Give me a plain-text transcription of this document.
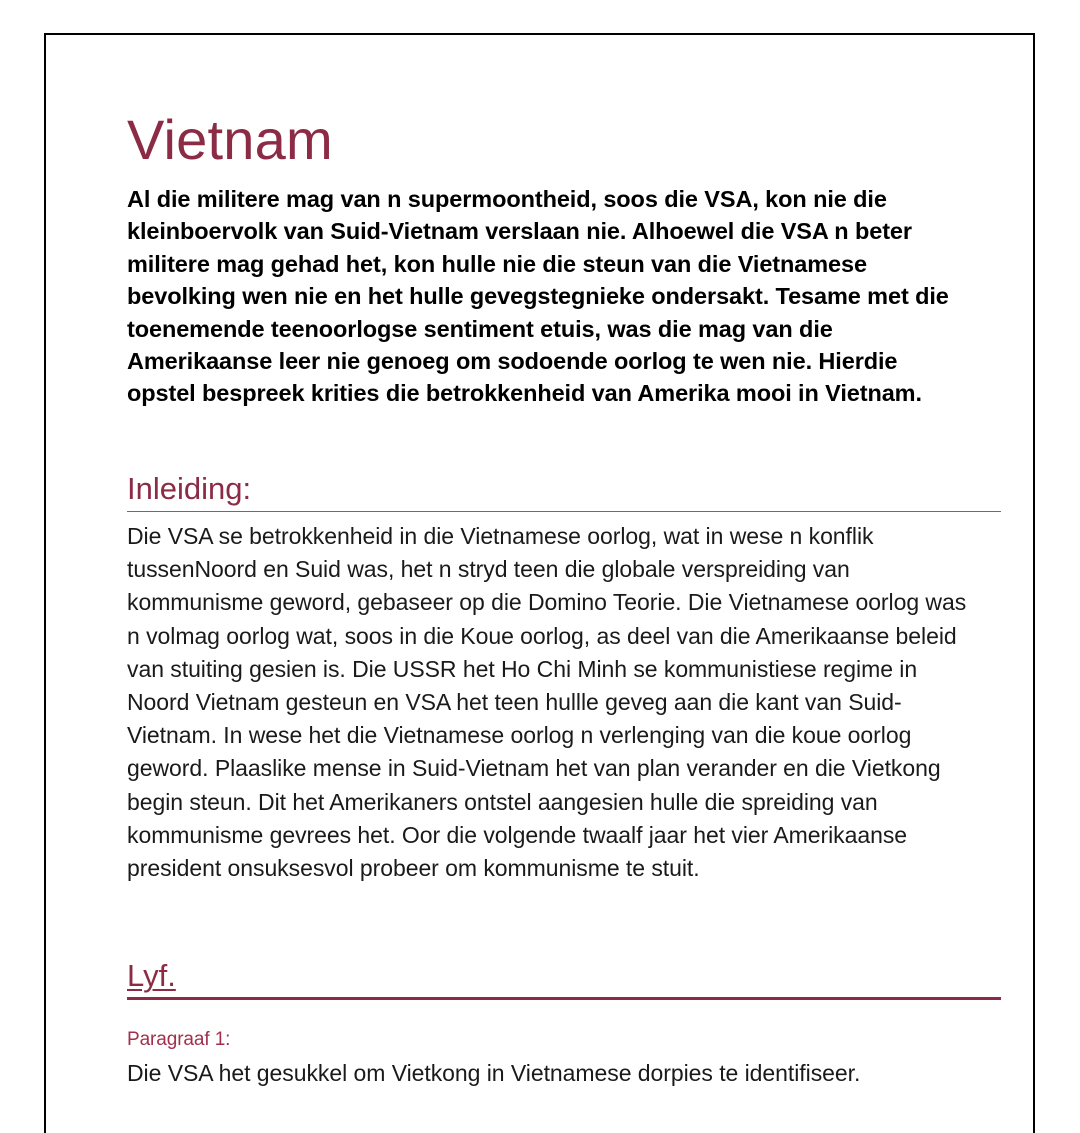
Vietnam

Al die militere mag van n supermoontheid, soos die VSA, kon nie die kleinboervolk van Suid-Vietnam verslaan nie. Alhoewel die VSA n beter militere mag gehad het, kon hulle nie die steun van die Vietnamese bevolking wen nie en het hulle gevegstegnieke ondersakt. Tesame met die toenemende teenoorlogse sentiment etuis, was die mag van die Amerikaanse leer nie genoeg om sodoende oorlog te wen nie. Hierdie opstel bespreek krities die betrokkenheid van Amerika mooi in Vietnam.

Inleiding:

Die VSA se betrokkenheid in die Vietnamese oorlog, wat in wese n konflik tussenNoord en Suid was, het n stryd teen die globale verspreiding van kommunisme geword, gebaseer op die Domino Teorie. Die Vietnamese oorlog was n volmag oorlog wat, soos in die Koue oorlog, as deel van die Amerikaanse beleid van stuiting gesien is. Die USSR het Ho Chi Minh se kommunistiese regime in Noord Vietnam gesteun en VSA het teen hullle geveg aan die kant van Suid-Vietnam. In wese het die Vietnamese oorlog n verlenging van die koue oorlog geword. Plaaslike mense in Suid-Vietnam het van plan verander en die Vietkong begin steun. Dit het Amerikaners ontstel aangesien hulle die spreiding van kommunisme gevrees het. Oor die volgende twaalf jaar het vier Amerikaanse president onsuksesvol probeer om kommunisme te stuit.

Lyf.
Paragraaf 1:

Die VSA het gesukkel om Vietkong in Vietnamese dorpies te identifiseer.
